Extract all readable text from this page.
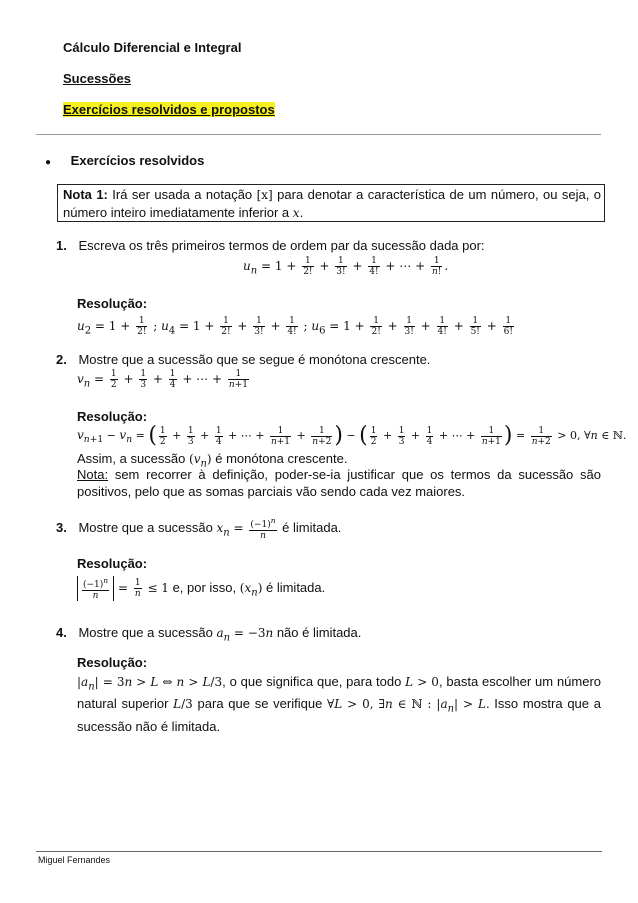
Cálculo Diferencial e Integral
Sucessões
Exercícios resolvidos e propostos
● Exercícios resolvidos
Nota 1: Irá ser usada a notação [x] para denotar a característica de um número, ou seja, o número inteiro imediatamente inferior a x.
1. Escreva os três primeiros termos de ordem par da sucessão dada por:
$u_n = 1 + \frac{1}{2!} + \frac{1}{3!} + \frac{1}{4!}$ + ⋯ + $\frac{1}{n!}$ .
Resolução:
$u_2 = 1 + \frac{1}{2!}$ ; $u_4 = 1 + \frac{1}{2!} + \frac{1}{3!} + \frac{1}{4!}$ ; $u_6 = 1 + \frac{1}{2!} + \frac{1}{3!} + \frac{1}{4!} + \frac{1}{5!} + \frac{1}{6!}$
2. Mostre que a sucessão que se segue é monótona crescente.
$v_n = \frac{1}{2} + \frac{1}{3} + \frac{1}{4}$ + ⋯ + $\frac{1}{n+1}$
Resolução:
$v_{n+1} - v_n$ = ( $\frac{1}{2} + \frac{1}{3} + \frac{1}{4}$ + ⋯ + $\frac{1}{n+1} + \frac{1}{n+2}$ ) − ( $\frac{1}{2} + \frac{1}{3} + \frac{1}{4}$ + ⋯ + $\frac{1}{n+1}$ ) = $\frac{1}{n+2} > 0$, ∀n ∈ ℕ.
Assim, a sucessão $(v_n)$ é monótona crescente.
Nota: sem recorrer à definição, poder-se-ia justificar que os termos da sucessão são positivos, pelo que as somas parciais vão sendo cada vez maiores.
3. Mostre que a sucessão $x_n = \frac{(-1)^n}{n}$ é limitada.
Resolução:
$\frac{(-1)^n}{n} = \frac{1}{n} \le 1$ e, por isso, $(x_n)$ é limitada.
4. Mostre que a sucessão $a_n = -3n$ não é limitada.
Resolução:
$|a_n| = 3n > L$ ⇔ n > L/3, o que significa que, para todo L > 0, basta escolher um número natural superior L/3 para que se verifique ∀L > 0, ∃n ∈ ℕ : $|a_n| > L$. Isso mostra que a sucessão não é limitada.
Miguel Fernandes
